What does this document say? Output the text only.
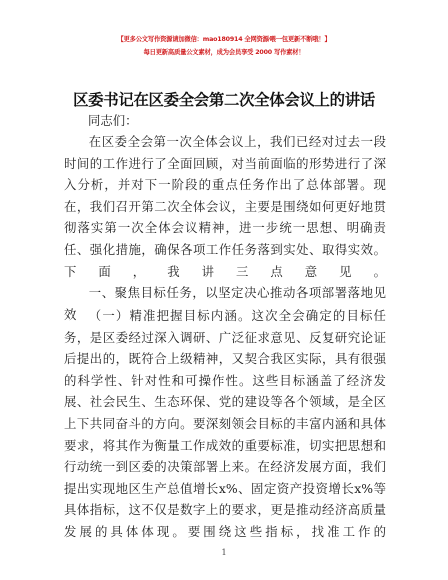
【更多公文写作资源请加微信：mao180914 全网资源⁄喂一包更新不断哦！】
每日更新高质量公文素材，成为会员享受 2000 写作素材！
区委书记在区委全会第二次全体会议上的讲话
同志们：
在区委全会第一次全体会议上，我们已经对过去一段时间的工作进行了全面回顾，对当前面临的形势进行了深入分析，并对下一阶段的重点任务作出了总体部署。现在，我们召开第二次全体会议，主要是围绕如何更好地贯彻落实第一次全体会议精神，进一步统一思想、明确责任、强化措施，确保各项工作任务落到实处、取得实效。下面，我讲三点意见。
一、聚焦目标任务，以坚定决心推动各项部署落地见效 （一）精准把握目标内涵。这次全会确定的目标任务，是区委经过深入调研、广泛征求意见、反复研究论证后提出的，既符合上级精神，又契合我区实际，具有很强的科学性、针对性和可操作性。这些目标涵盖了经济发展、社会民生、生态环保、党的建设等各个领域，是全区上下共同奋斗的方向。要深刻领会目标的丰富内涵和具体要求，将其作为衡量工作成效的重要标准，切实把思想和行动统一到区委的决策部署上来。在经济发展方面，我们提出实现地区生产总值增长x%、固定资产投资增长x%等具体指标，这不仅是数字上的要求，更是推动经济高质量发展的具体体现。要围绕这些指标，找准工作的
1
